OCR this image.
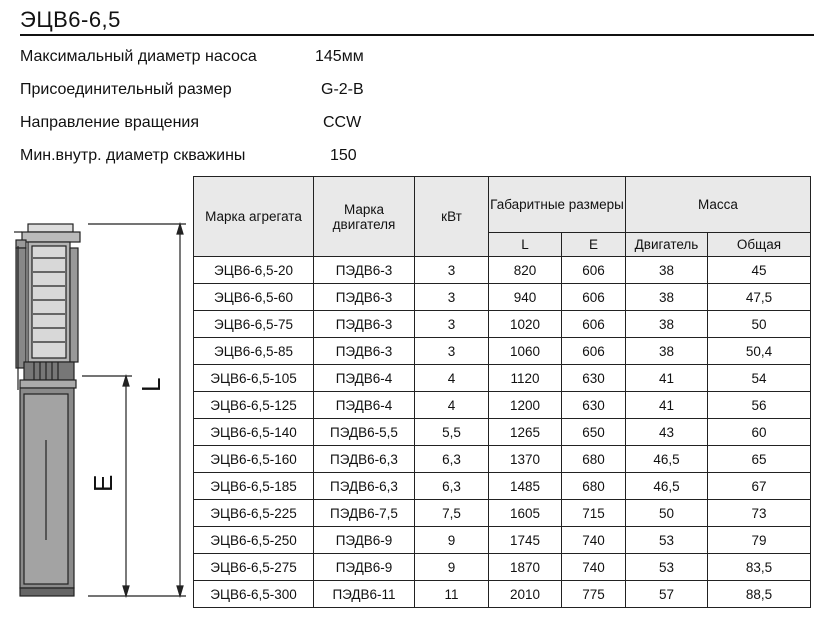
ЭЦВ6-6,5
Максимальный диаметр насоса	145мм
Присоединительный размер	G-2-B
Направление вращения	CCW
Мин.внутр. диаметр скважины	150
L
E
Марка агрегата	Марка двигателя	кВт	Габаритные размеры		Масса	
			L	E	Двигатель	Общая
ЭЦВ6-6,5-20	ПЭДВ6-3	3	820	606	38	45
ЭЦВ6-6,5-60	ПЭДВ6-3	3	940	606	38	47,5
ЭЦВ6-6,5-75	ПЭДВ6-3	3	1020	606	38	50
ЭЦВ6-6,5-85	ПЭДВ6-3	3	1060	606	38	50,4
ЭЦВ6-6,5-105	ПЭДВ6-4	4	1120	630	41	54
ЭЦВ6-6,5-125	ПЭДВ6-4	4	1200	630	41	56
ЭЦВ6-6,5-140	ПЭДВ6-5,5	5,5	1265	650	43	60
ЭЦВ6-6,5-160	ПЭДВ6-6,3	6,3	1370	680	46,5	65
ЭЦВ6-6,5-185	ПЭДВ6-6,3	6,3	1485	680	46,5	67
ЭЦВ6-6,5-225	ПЭДВ6-7,5	7,5	1605	715	50	73
ЭЦВ6-6,5-250	ПЭДВ6-9	9	1745	740	53	79
ЭЦВ6-6,5-275	ПЭДВ6-9	9	1870	740	53	83,5
ЭЦВ6-6,5-300	ПЭДВ6-11	11	2010	775	57	88,5
